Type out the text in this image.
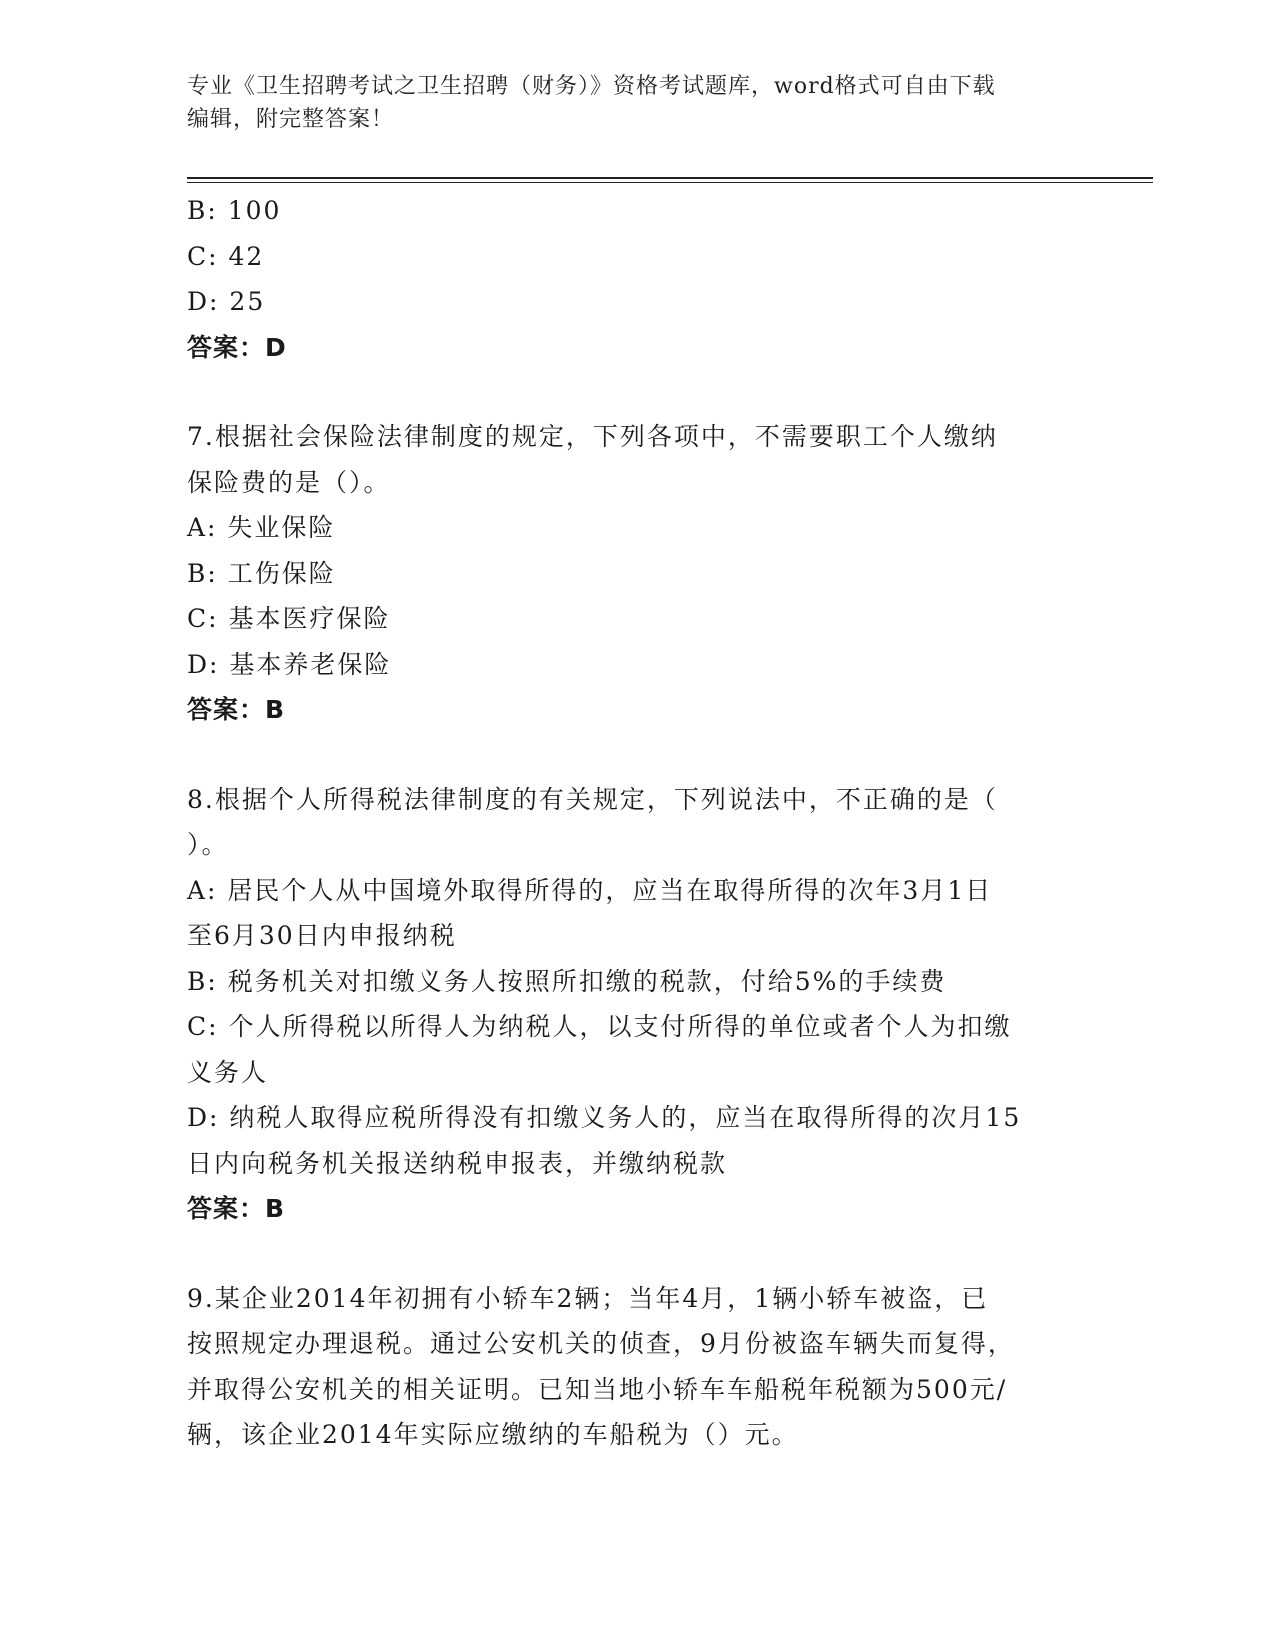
专业《卫生招聘考试之卫生招聘（财务）》资格考试题库，word格式可自由下载
编辑，附完整答案！
B: 100
C: 42
D: 25
答案：D
7.根据社会保险法律制度的规定，下列各项中，不需要职工个人缴纳
保险费的是（）。
A: 失业保险
B: 工伤保险
C: 基本医疗保险
D: 基本养老保险
答案：B
8.根据个人所得税法律制度的有关规定，下列说法中，不正确的是（
）。
A: 居民个人从中国境外取得所得的，应当在取得所得的次年3月1日
至6月30日内申报纳税
B: 税务机关对扣缴义务人按照所扣缴的税款，付给5%的手续费
C: 个人所得税以所得人为纳税人，以支付所得的单位或者个人为扣缴
义务人
D: 纳税人取得应税所得没有扣缴义务人的，应当在取得所得的次月15
日内向税务机关报送纳税申报表，并缴纳税款
答案：B
9.某企业2014年初拥有小轿车2辆；当年4月，1辆小轿车被盗，已
按照规定办理退税。通过公安机关的侦查，9月份被盗车辆失而复得，
并取得公安机关的相关证明。已知当地小轿车车船税年税额为500元/
辆，该企业2014年实际应缴纳的车船税为（）元。
